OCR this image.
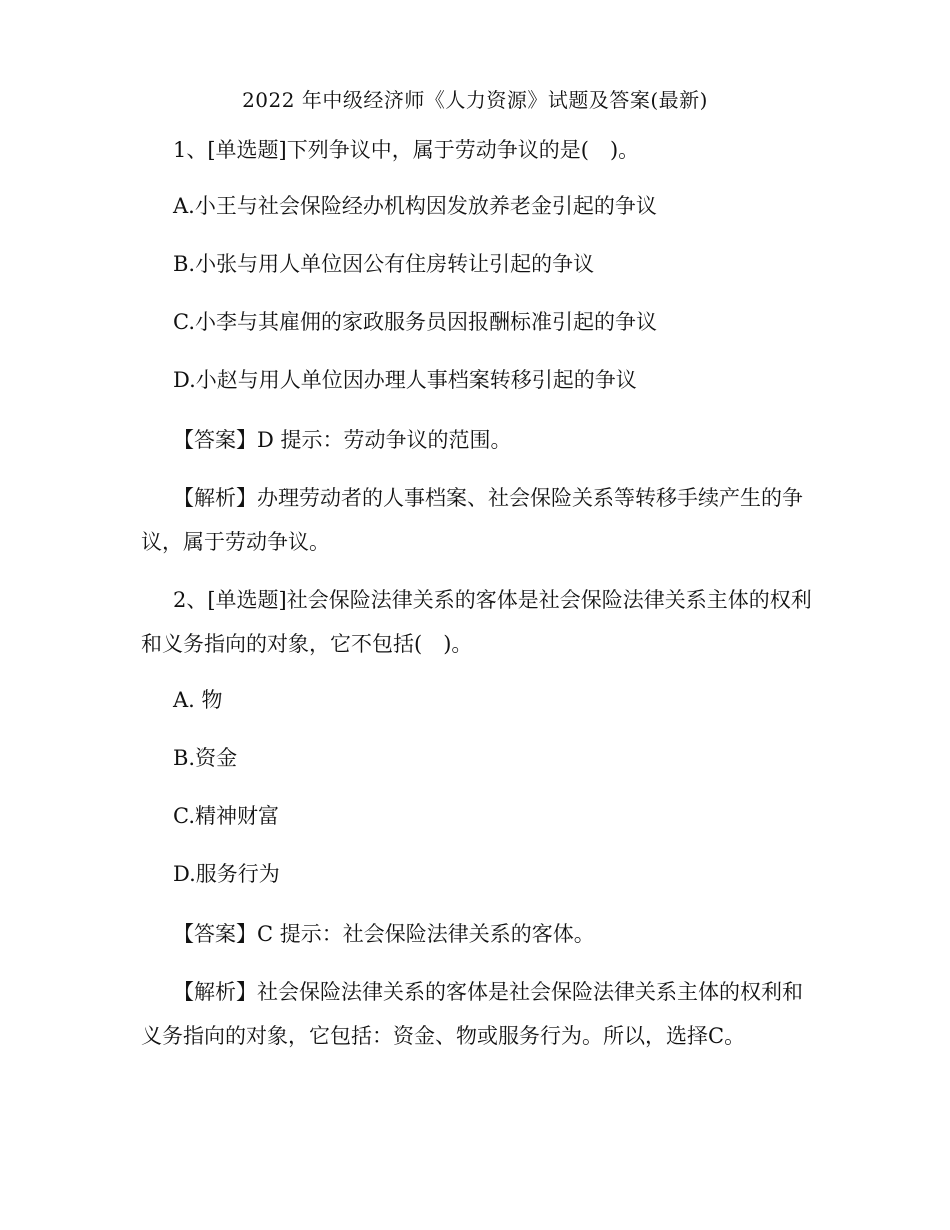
2022 年中级经济师《人力资源》试题及答案(最新)
1、[单选题]下列争议中，属于劳动争议的是(　)。
A.小王与社会保险经办机构因发放养老金引起的争议
B.小张与用人单位因公有住房转让引起的争议
C.小李与其雇佣的家政服务员因报酬标准引起的争议
D.小赵与用人单位因办理人事档案转移引起的争议
【答案】D 提示：劳动争议的范围。
【解析】办理劳动者的人事档案、社会保险关系等转移手续产生的争议，属于劳动争议。
2、[单选题]社会保险法律关系的客体是社会保险法律关系主体的权利和义务指向的对象，它不包括(　)。
A. 物
B.资金
C.精神财富
D.服务行为
【答案】C 提示：社会保险法律关系的客体。
【解析】社会保险法律关系的客体是社会保险法律关系主体的权利和义务指向的对象，它包括：资金、物或服务行为。所以，选择C。
